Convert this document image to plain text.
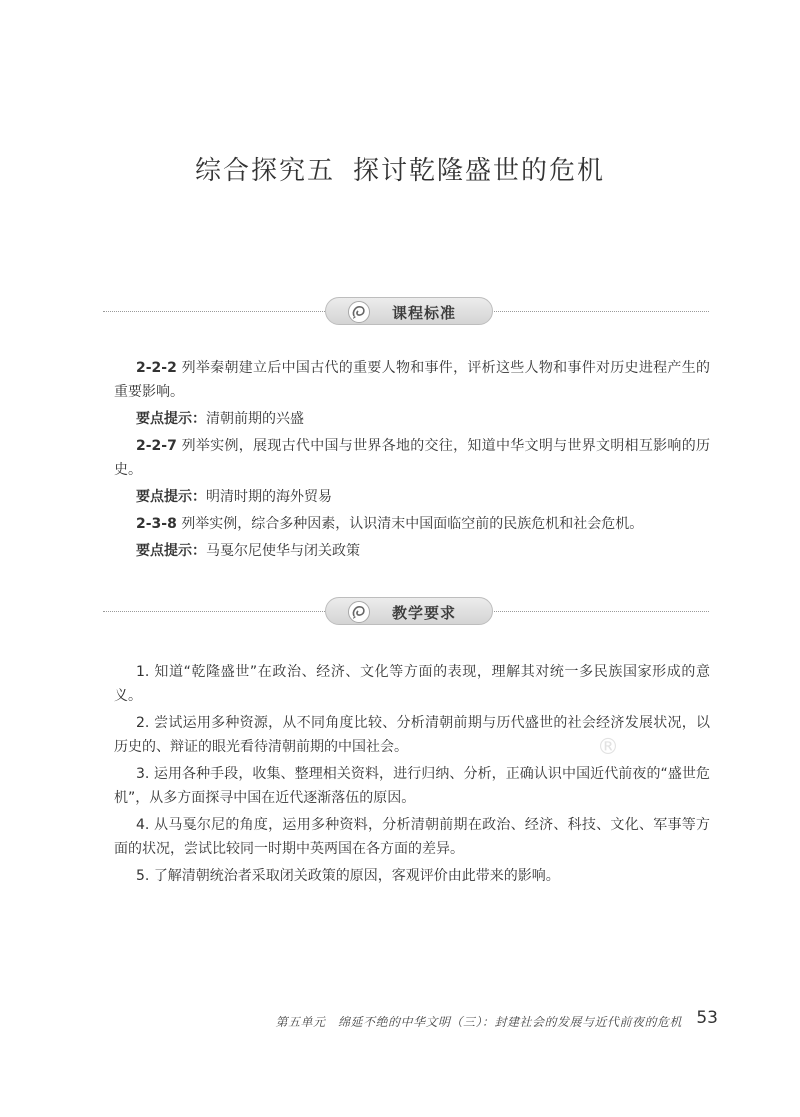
综合探究五 探讨乾隆盛世的危机
课程标准

2-2-2 列举秦朝建立后中国古代的重要人物和事件，评析这些人物和事件对历史进程产生的重要影响。

要点提示：清朝前期的兴盛

2-2-7 列举实例，展现古代中国与世界各地的交往，知道中华文明与世界文明相互影响的历史。

要点提示：明清时期的海外贸易

2-3-8 列举实例，综合多种因素，认识清末中国面临空前的民族危机和社会危机。

要点提示：马戛尔尼使华与闭关政策

教学要求

1. 知道“乾隆盛世”在政治、经济、文化等方面的表现，理解其对统一多民族国家形成的意义。

2. 尝试运用多种资源，从不同角度比较、分析清朝前期与历代盛世的社会经济发展状况，以历史的、辩证的眼光看待清朝前期的中国社会。

3. 运用各种手段，收集、整理相关资料，进行归纳、分析，正确认识中国近代前夜的“盛世危机”，从多方面探寻中国在近代逐渐落伍的原因。

4. 从马戛尔尼的角度，运用多种资料，分析清朝前期在政治、经济、科技、文化、军事等方面的状况，尝试比较同一时期中英两国在各方面的差异。

5. 了解清朝统治者采取闭关政策的原因，客观评价由此带来的影响。

®
第五单元　绵延不绝的中华文明（三）：封建社会的发展与近代前夜的危机 53
